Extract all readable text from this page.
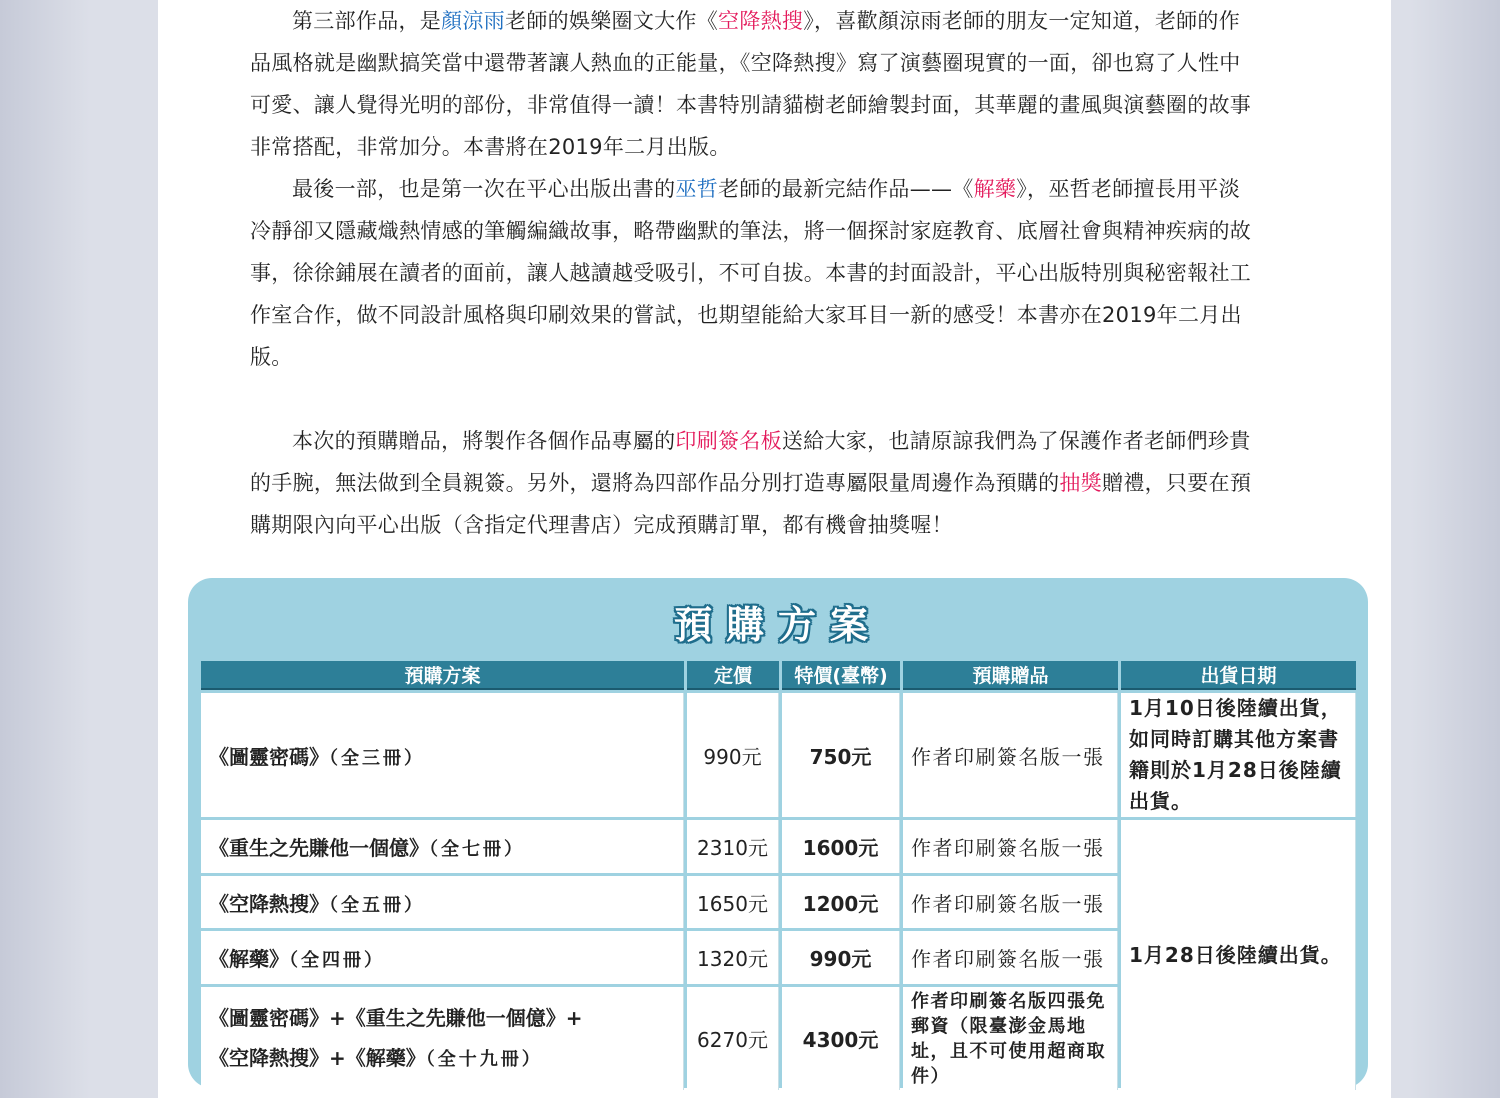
第三部作品，是顏涼雨老師的娛樂圈文大作《空降熱搜》，喜歡顏涼雨老師的朋友一定知道，老師的作品風格就是幽默搞笑當中還帶著讓人熱血的正能量，《空降熱搜》寫了演藝圈現實的一面，卻也寫了人性中可愛、讓人覺得光明的部份，非常值得一讀！本書特別請貓樹老師繪製封面，其華麗的畫風與演藝圈的故事非常搭配，非常加分。本書將在2019年二月出版。

最後一部，也是第一次在平心出版出書的巫哲老師的最新完結作品——《解藥》，巫哲老師擅長用平淡冷靜卻又隱藏熾熱情感的筆觸編織故事，略帶幽默的筆法，將一個探討家庭教育、底層社會與精神疾病的故事，徐徐鋪展在讀者的面前，讓人越讀越受吸引，不可自拔。本書的封面設計，平心出版特別與秘密報社工作室合作，做不同設計風格與印刷效果的嘗試，也期望能給大家耳目一新的感受！本書亦在2019年二月出版。

本次的預購贈品，將製作各個作品專屬的印刷簽名板送給大家，也請原諒我們為了保護作者老師們珍貴的手腕，無法做到全員親簽。另外，還將為四部作品分別打造專屬限量周邊作為預購的抽獎贈禮，只要在預購期限內向平心出版（含指定代理書店）完成預購訂單，都有機會抽獎喔！

預購方案
預購方案	定價	特價(臺幣)	預購贈品	出貨日期
《圖靈密碼》（全三冊）	990元	750元	作者印刷簽名版一張	1月10日後陸續出貨，如同時訂購其他方案書籍則於1月28日後陸續出貨。
《重生之先賺他一個億》（全七冊）	2310元	1600元	作者印刷簽名版一張	1月28日後陸續出貨。
《空降熱搜》（全五冊）	1650元	1200元	作者印刷簽名版一張	
《解藥》（全四冊）	1320元	990元	作者印刷簽名版一張	
《圖靈密碼》+《重生之先賺他一個億》+
《空降熱搜》+《解藥》（全十九冊）	6270元	4300元	作者印刷簽名版四張免郵資（限臺澎金馬地址，且不可使用超商取件）	
